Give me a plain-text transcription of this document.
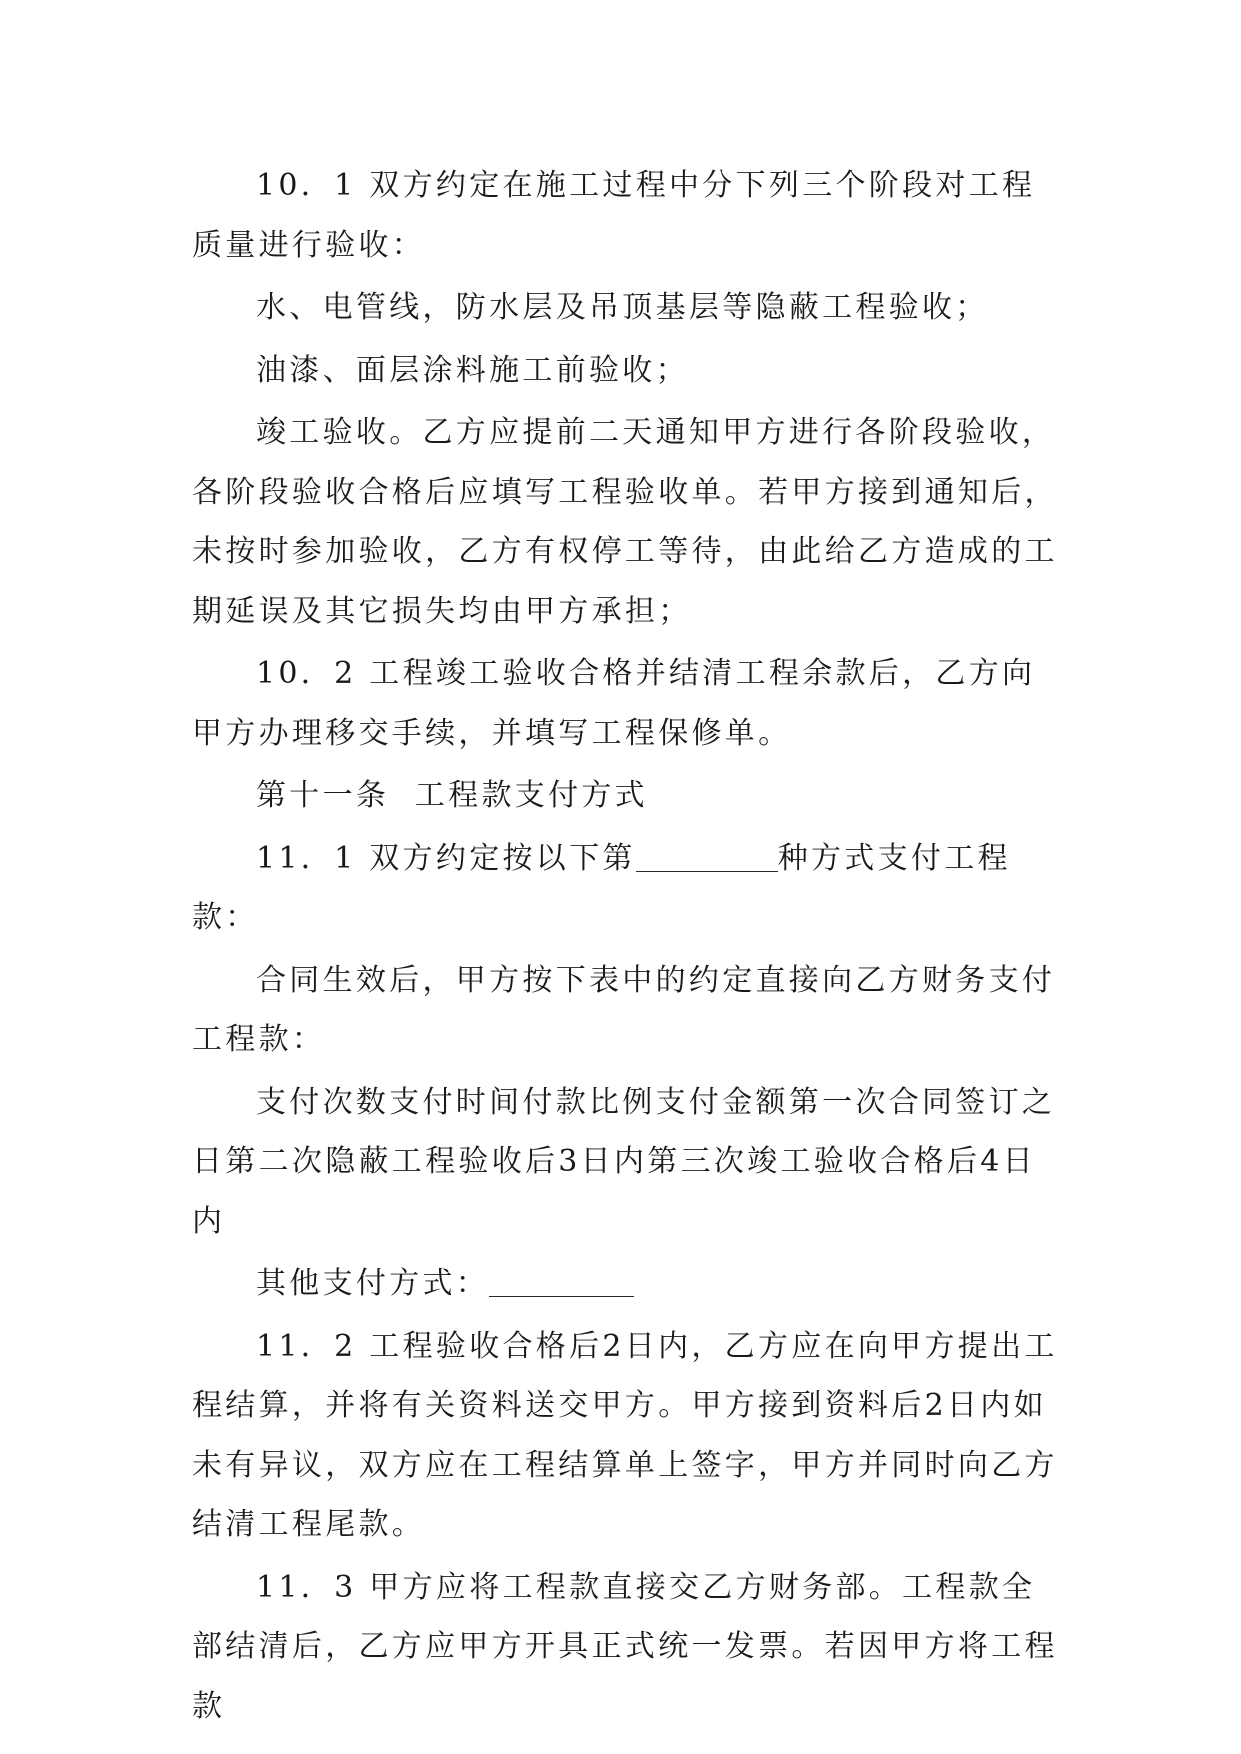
10．1 双方约定在施工过程中分下列三个阶段对工程质量进行验收：

水、电管线，防水层及吊顶基层等隐蔽工程验收；

油漆、面层涂料施工前验收；

竣工验收。乙方应提前二天通知甲方进行各阶段验收，各阶段验收合格后应填写工程验收单。若甲方接到通知后，未按时参加验收，乙方有权停工等待，由此给乙方造成的工期延误及其它损失均由甲方承担；

10．2 工程竣工验收合格并结清工程余款后，乙方向甲方办理移交手续，并填写工程保修单。

第十一条  工程款支付方式

11．1 双方约定按以下第	种方式支付工程款：

合同生效后，甲方按下表中的约定直接向乙方财务支付工程款：

支付次数支付时间付款比例支付金额第一次合同签订之日第二次隐蔽工程验收后3日内第三次竣工验收合格后4日内

其他支付方式：

11．2 工程验收合格后2日内，乙方应在向甲方提出工程结算，并将有关资料送交甲方。甲方接到资料后2日内如未有异议，双方应在工程结算单上签字，甲方并同时向乙方结清工程尾款。

11．3 甲方应将工程款直接交乙方财务部。工程款全部结清后，乙方应甲方开具正式统一发票。若因甲方将工程款
